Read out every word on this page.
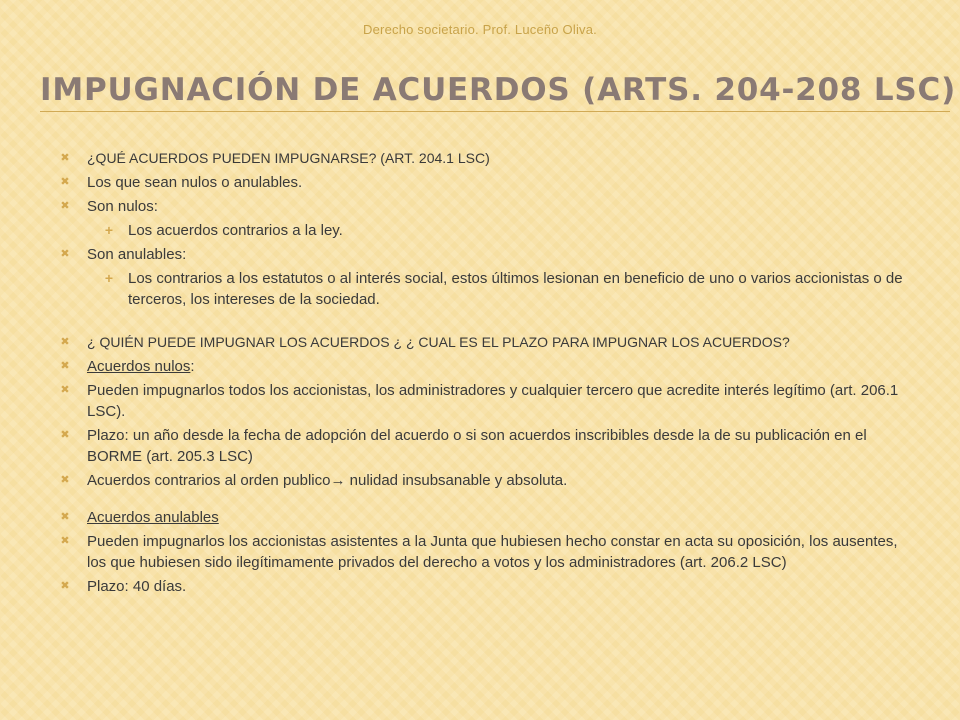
Derecho societario. Prof. Luceño Oliva.
IMPUGNACIÓN DE ACUERDOS (ARTS. 204-208 LSC)
✖ ¿QUÉ ACUERDOS PUEDEN IMPUGNARSE? (ART. 204.1 LSC)
✖ Los que sean nulos o anulables.
✖ Son nulos:
+ Los acuerdos contrarios a la ley.
✖ Son anulables:
+ Los contrarios a los estatutos o al interés social, estos últimos lesionan en beneficio de uno o varios accionistas o de terceros, los intereses de la sociedad.
✖ ¿ QUIÉN PUEDE IMPUGNAR LOS ACUERDOS ¿ ¿ CUAL ES EL PLAZO PARA IMPUGNAR LOS ACUERDOS?
✖ Acuerdos nulos:
✖ Pueden impugnarlos todos los accionistas, los administradores y cualquier tercero que acredite interés legítimo (art. 206.1 LSC).
✖ Plazo: un año desde la fecha de adopción del acuerdo o si son acuerdos inscribibles desde la de su publicación en el BORME (art. 205.3 LSC)
✖ Acuerdos contrarios al orden publico→ nulidad insubsanable y absoluta.
✖ Acuerdos anulables
✖ Pueden impugnarlos los accionistas asistentes a la Junta que hubiesen hecho constar en acta su oposición, los ausentes, los que hubiesen sido ilegítimamente privados del derecho a votos y los administradores (art. 206.2 LSC)
✖ Plazo: 40 días.
